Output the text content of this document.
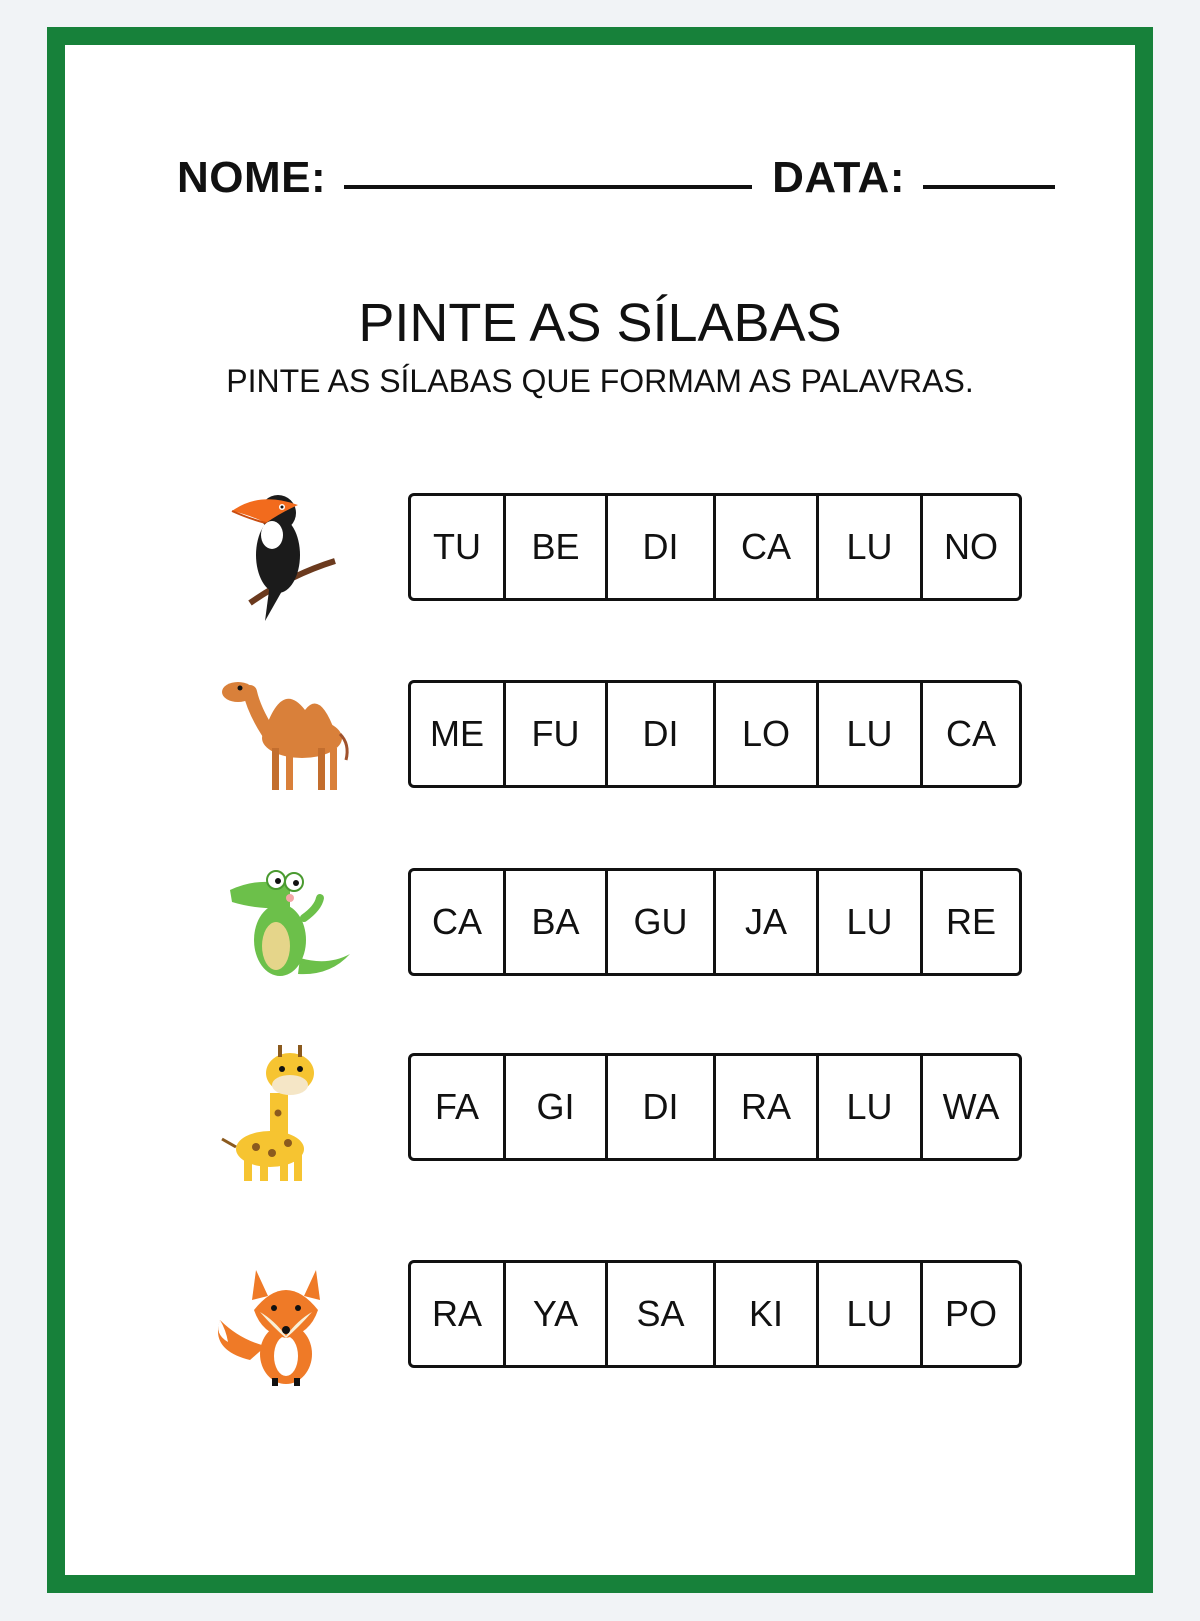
NOME:	DATA:
PINTE AS SÍLABAS
PINTE AS SÍLABAS QUE FORMAM AS PALAVRAS.
TU	BE	DI	CA	LU	NO
ME	FU	DI	LO	LU	CA
CA	BA	GU	JA	LU	RE
FA	GI	DI	RA	LU	WA
RA	YA	SA	KI	LU	PO
